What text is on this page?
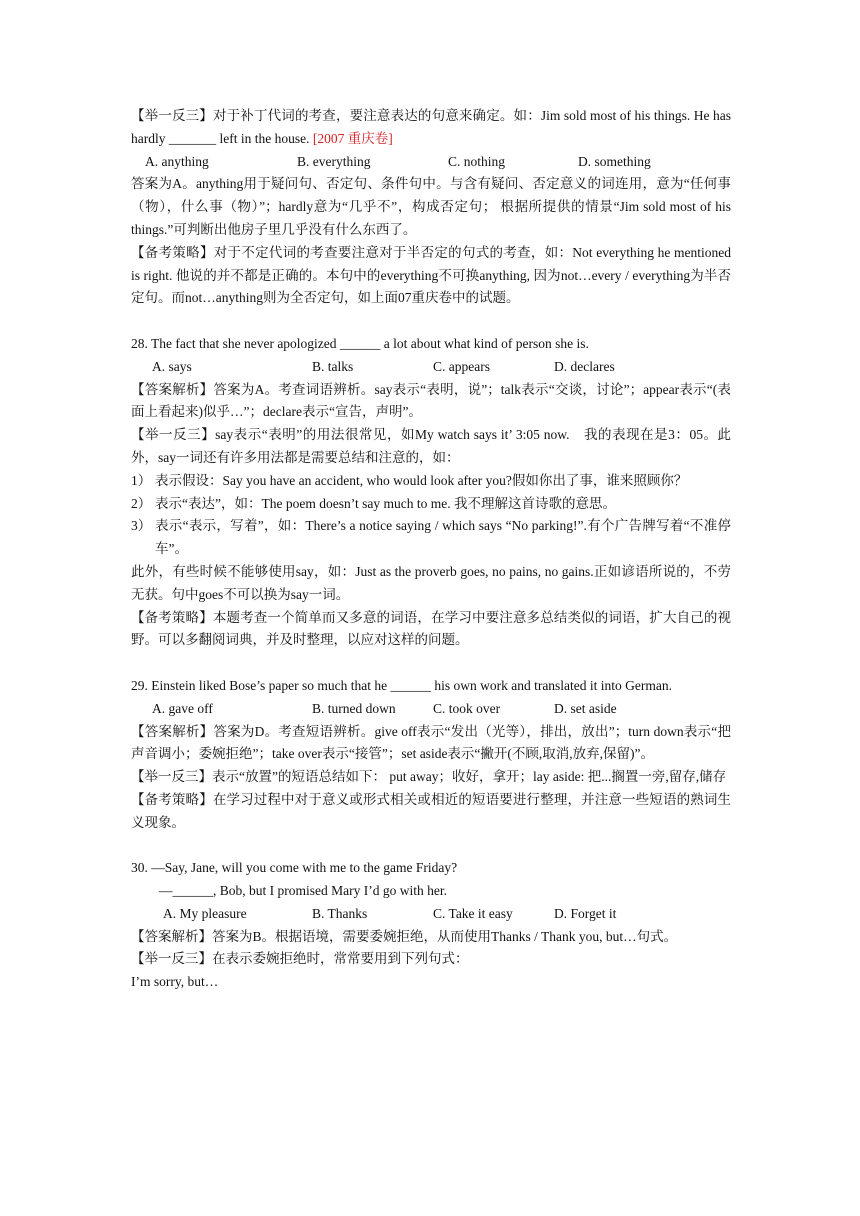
【举一反三】对于补丁代词的考查，要注意表达的句意来确定。如：Jim sold most of his things. He has hardly _______ left in the house. [2007 重庆卷]

A. anything	B. everything	C. nothing	D. something

答案为A。anything用于疑问句、否定句、条件句中。与含有疑问、否定意义的词连用，意为“任何事（物），什么事（物）”；hardly意为“几乎不”，构成否定句； 根据所提供的情景“Jim sold most of his things.”可判断出他房子里几乎没有什么东西了。

【备考策略】对于不定代词的考查要注意对于半否定的句式的考查，如：Not everything he mentioned is right. 他说的并不都是正确的。本句中的everything不可换anything, 因为not…every / everything为半否定句。而not…anything则为全否定句，如上面07重庆卷中的试题。

28. The fact that she never apologized ______ a lot about what kind of person she is.

A. says	B. talks	C. appears	D. declares

【答案解析】答案为A。考查词语辨析。say表示“表明，说”；talk表示“交谈，讨论”；appear表示“(表面上看起来)似乎…”；declare表示“宣告，声明”。

【举一反三】say表示“表明”的用法很常见，如My watch says it’ 3:05 now.　我的表现在是3：05。此外，say一词还有许多用法都是需要总结和注意的，如：

1） 表示假设：Say you have an accident, who would look after you?假如你出了事，谁来照顾你？
2） 表示“表达”，如：The poem doesn’t say much to me. 我不理解这首诗歌的意思。
3） 表示“表示，写着”，如：There’s a notice saying / which says “No parking!”.有个广告牌写着“不准停车”。

此外，有些时候不能够使用say，如：Just as the proverb goes, no pains, no gains.正如谚语所说的，不劳无获。句中goes不可以换为say一词。

【备考策略】本题考查一个简单而又多意的词语，在学习中要注意多总结类似的词语，扩大自己的视野。可以多翻阅词典，并及时整理，以应对这样的问题。

29. Einstein liked Bose’s paper so much that he ______ his own work and translated it into German.

A. gave off	B. turned down	C. took over	D. set aside

【答案解析】答案为D。考查短语辨析。give off表示“发出（光等），排出，放出”；turn down表示“把声音调小；委婉拒绝”；take over表示“接管”；set aside表示“撇开(不顾,取消,放弃,保留)”。

【举一反三】表示“放置”的短语总结如下： put away；收好，拿开；lay aside: 把...搁置一旁,留存,储存

【备考策略】在学习过程中对于意义或形式相关或相近的短语要进行整理，并注意一些短语的熟词生义现象。

30. —Say, Jane, will you come with me to the game Friday?

—______, Bob, but I promised Mary I’d go with her.

A. My pleasure	B. Thanks	C. Take it easy	D. Forget it

【答案解析】答案为B。根据语境，需要委婉拒绝，从而使用Thanks / Thank you, but…句式。

【举一反三】在表示委婉拒绝时，常常要用到下列句式：

I’m sorry, but…
